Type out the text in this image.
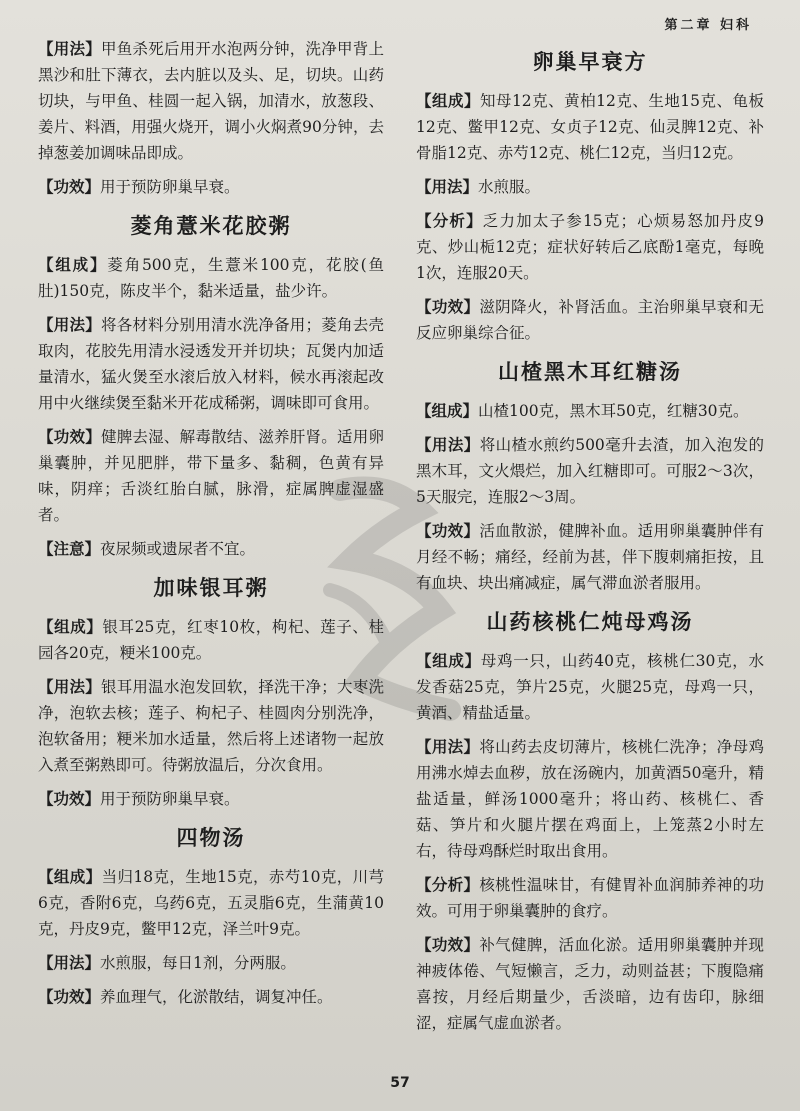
第二章 妇科

【用法】甲鱼杀死后用开水泡两分钟，洗净甲背上黑沙和肚下薄衣，去内脏以及头、足，切块。山药切块，与甲鱼、桂圆一起入锅，加清水，放葱段、姜片、料酒，用强火烧开，调小火焖煮90分钟，去掉葱姜加调味品即成。

【功效】用于预防卵巢早衰。

菱角薏米花胶粥

【组成】菱角500克，生薏米100克，花胶(鱼肚)150克，陈皮半个，黏米适量，盐少许。

【用法】将各材料分别用清水洗净备用；菱角去壳取肉，花胶先用清水浸透发开并切块；瓦煲内加适量清水，猛火煲至水滚后放入材料，候水再滚起改用中火继续煲至黏米开花成稀粥，调味即可食用。

【功效】健脾去湿、解毒散结、滋养肝肾。适用卵巢囊肿，并见肥胖，带下量多、黏稠，色黄有异味，阴痒；舌淡红胎白腻，脉滑，症属脾虚湿盛者。

【注意】夜尿频或遗尿者不宜。

加味银耳粥

【组成】银耳25克，红枣10枚，枸杞、莲子、桂园各20克，粳米100克。

【用法】银耳用温水泡发回软，择洗干净；大枣洗净，泡软去核；莲子、枸杞子、桂圆肉分别洗净，泡软备用；粳米加水适量，然后将上述诸物一起放入煮至粥熟即可。待粥放温后，分次食用。

【功效】用于预防卵巢早衰。

四物汤

【组成】当归18克，生地15克，赤芍10克，川芎6克，香附6克，乌药6克，五灵脂6克，生蒲黄10克，丹皮9克，鳖甲12克，泽兰叶9克。

【用法】水煎服，每日1剂，分两服。

【功效】养血理气，化淤散结，调复冲任。

卵巢早衰方

【组成】知母12克、黄柏12克、生地15克、龟板12克、鳖甲12克、女贞子12克、仙灵脾12克、补骨脂12克、赤芍12克、桃仁12克，当归12克。

【用法】水煎服。

【分析】乏力加太子参15克；心烦易怒加丹皮9克、炒山栀12克；症状好转后乙底酚1毫克，每晚1次，连服20天。

【功效】滋阴降火，补肾活血。主治卵巢早衰和无反应卵巢综合征。

山楂黑木耳红糖汤

【组成】山楂100克，黑木耳50克，红糖30克。

【用法】将山楂水煎约500毫升去渣，加入泡发的黑木耳，文火煨烂，加入红糖即可。可服2～3次，5天服完，连服2～3周。

【功效】活血散淤，健脾补血。适用卵巢囊肿伴有月经不畅；痛经，经前为甚，伴下腹刺痛拒按，且有血块、块出痛减症，属气滞血淤者服用。

山药核桃仁炖母鸡汤

【组成】母鸡一只，山药40克，核桃仁30克，水发香菇25克，笋片25克，火腿25克，母鸡一只，黄酒、精盐适量。

【用法】将山药去皮切薄片，核桃仁洗净；净母鸡用沸水焯去血秽，放在汤碗内，加黄酒50毫升，精盐适量，鲜汤1000毫升；将山药、核桃仁、香菇、笋片和火腿片摆在鸡面上，上笼蒸2小时左右，待母鸡酥烂时取出食用。

【分析】核桃性温味甘，有健胃补血润肺养神的功效。可用于卵巢囊肿的食疗。

【功效】补气健脾，活血化淤。适用卵巢囊肿并现神疲体倦、气短懒言，乏力，动则益甚；下腹隐痛喜按，月经后期量少，舌淡暗，边有齿印，脉细涩，症属气虚血淤者。

57
